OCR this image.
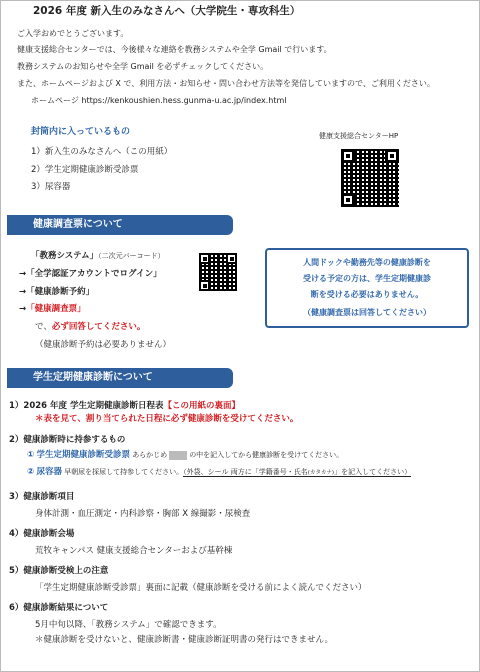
2026 年度 新入生のみなさんへ（大学院生・専攻科生）
ご入学おめでとうございます。
健康支援総合センターでは、今後様々な連絡を教務システムや全学 Gmail で行います。
教務システムのお知らせや全学 Gmail を必ずチェックしてください。
また、ホームページおよび X で、利用方法・お知らせ・問い合わせ方法等を発信していますので、ご利用ください。
ホームページ https://kenkoushien.hess.gunma-u.ac.jp/index.html
封筒内に入っているもの
1）新入生のみなさんへ（この用紙）
2）学生定期健康診断受診票
3）尿容器
健康支援総合センターHP
健康調査票について
「教務システム」（二次元バーコード）
→「全学認証アカウントでログイン」
→「健康診断予約」
→「健康調査票」
で、必ず回答してください。
（健康診断予約は必要ありません）
人間ドックや勤務先等の健康診断を
受ける予定の方は、学生定期健康診
断を受ける必要はありません。
（健康調査票は回答してください）
学生定期健康診断について
1）2026 年度 学生定期健康診断日程表【この用紙の裏面】
＊表を見て、割り当てられた日程に必ず健康診断を受けてください。
2）健康診断時に持参するもの
① 学生定期健康診断受診票 あらかじめ	の中を記入してから健康診断を受けてください。
② 尿容器 早朝尿を採尿して持参してください。（外袋、シール 両方に「学籍番号・氏名(カタカナ)」を記入してください）
3）健康診断項目
身体計測・血圧測定・内科診察・胸部 X 線撮影・尿検査
4）健康診断会場
荒牧キャンパス 健康支援総合センターおよび基幹棟
5）健康診断受検上の注意
「学生定期健康診断受診票」裏面に記載（健康診断を受ける前によく読んでください）
6）健康診断結果について
5月中旬以降、「教務システム」で確認できます。
＊健康診断を受けないと、健康診断書・健康診断証明書の発行はできません。
